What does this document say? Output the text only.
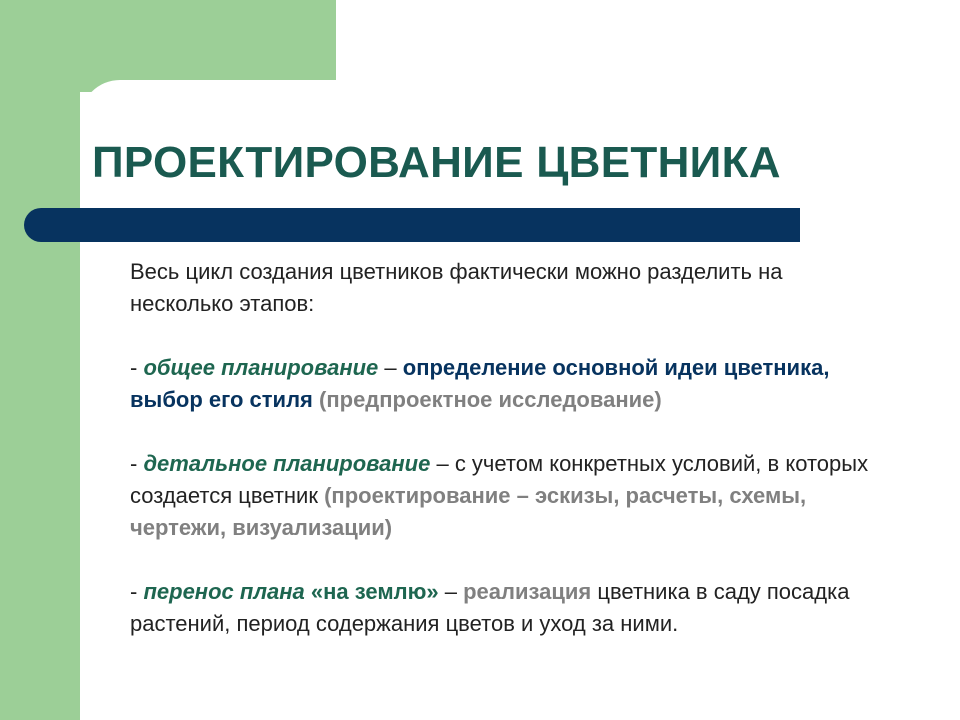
ПРОЕКТИРОВАНИЕ ЦВЕТНИКА

Весь цикл создания цветников фактически можно разделить на несколько этапов:

- общее планирование – определение основной идеи цветника, выбор его стиля (предпроектное исследование)

- детальное планирование – с учетом конкретных условий, в которых создается цветник (проектирование – эскизы, расчеты, схемы, чертежи, визуализации)

- перенос плана «на землю» – реализация цветника в саду посадка растений, период содержания цветов и уход за ними.
